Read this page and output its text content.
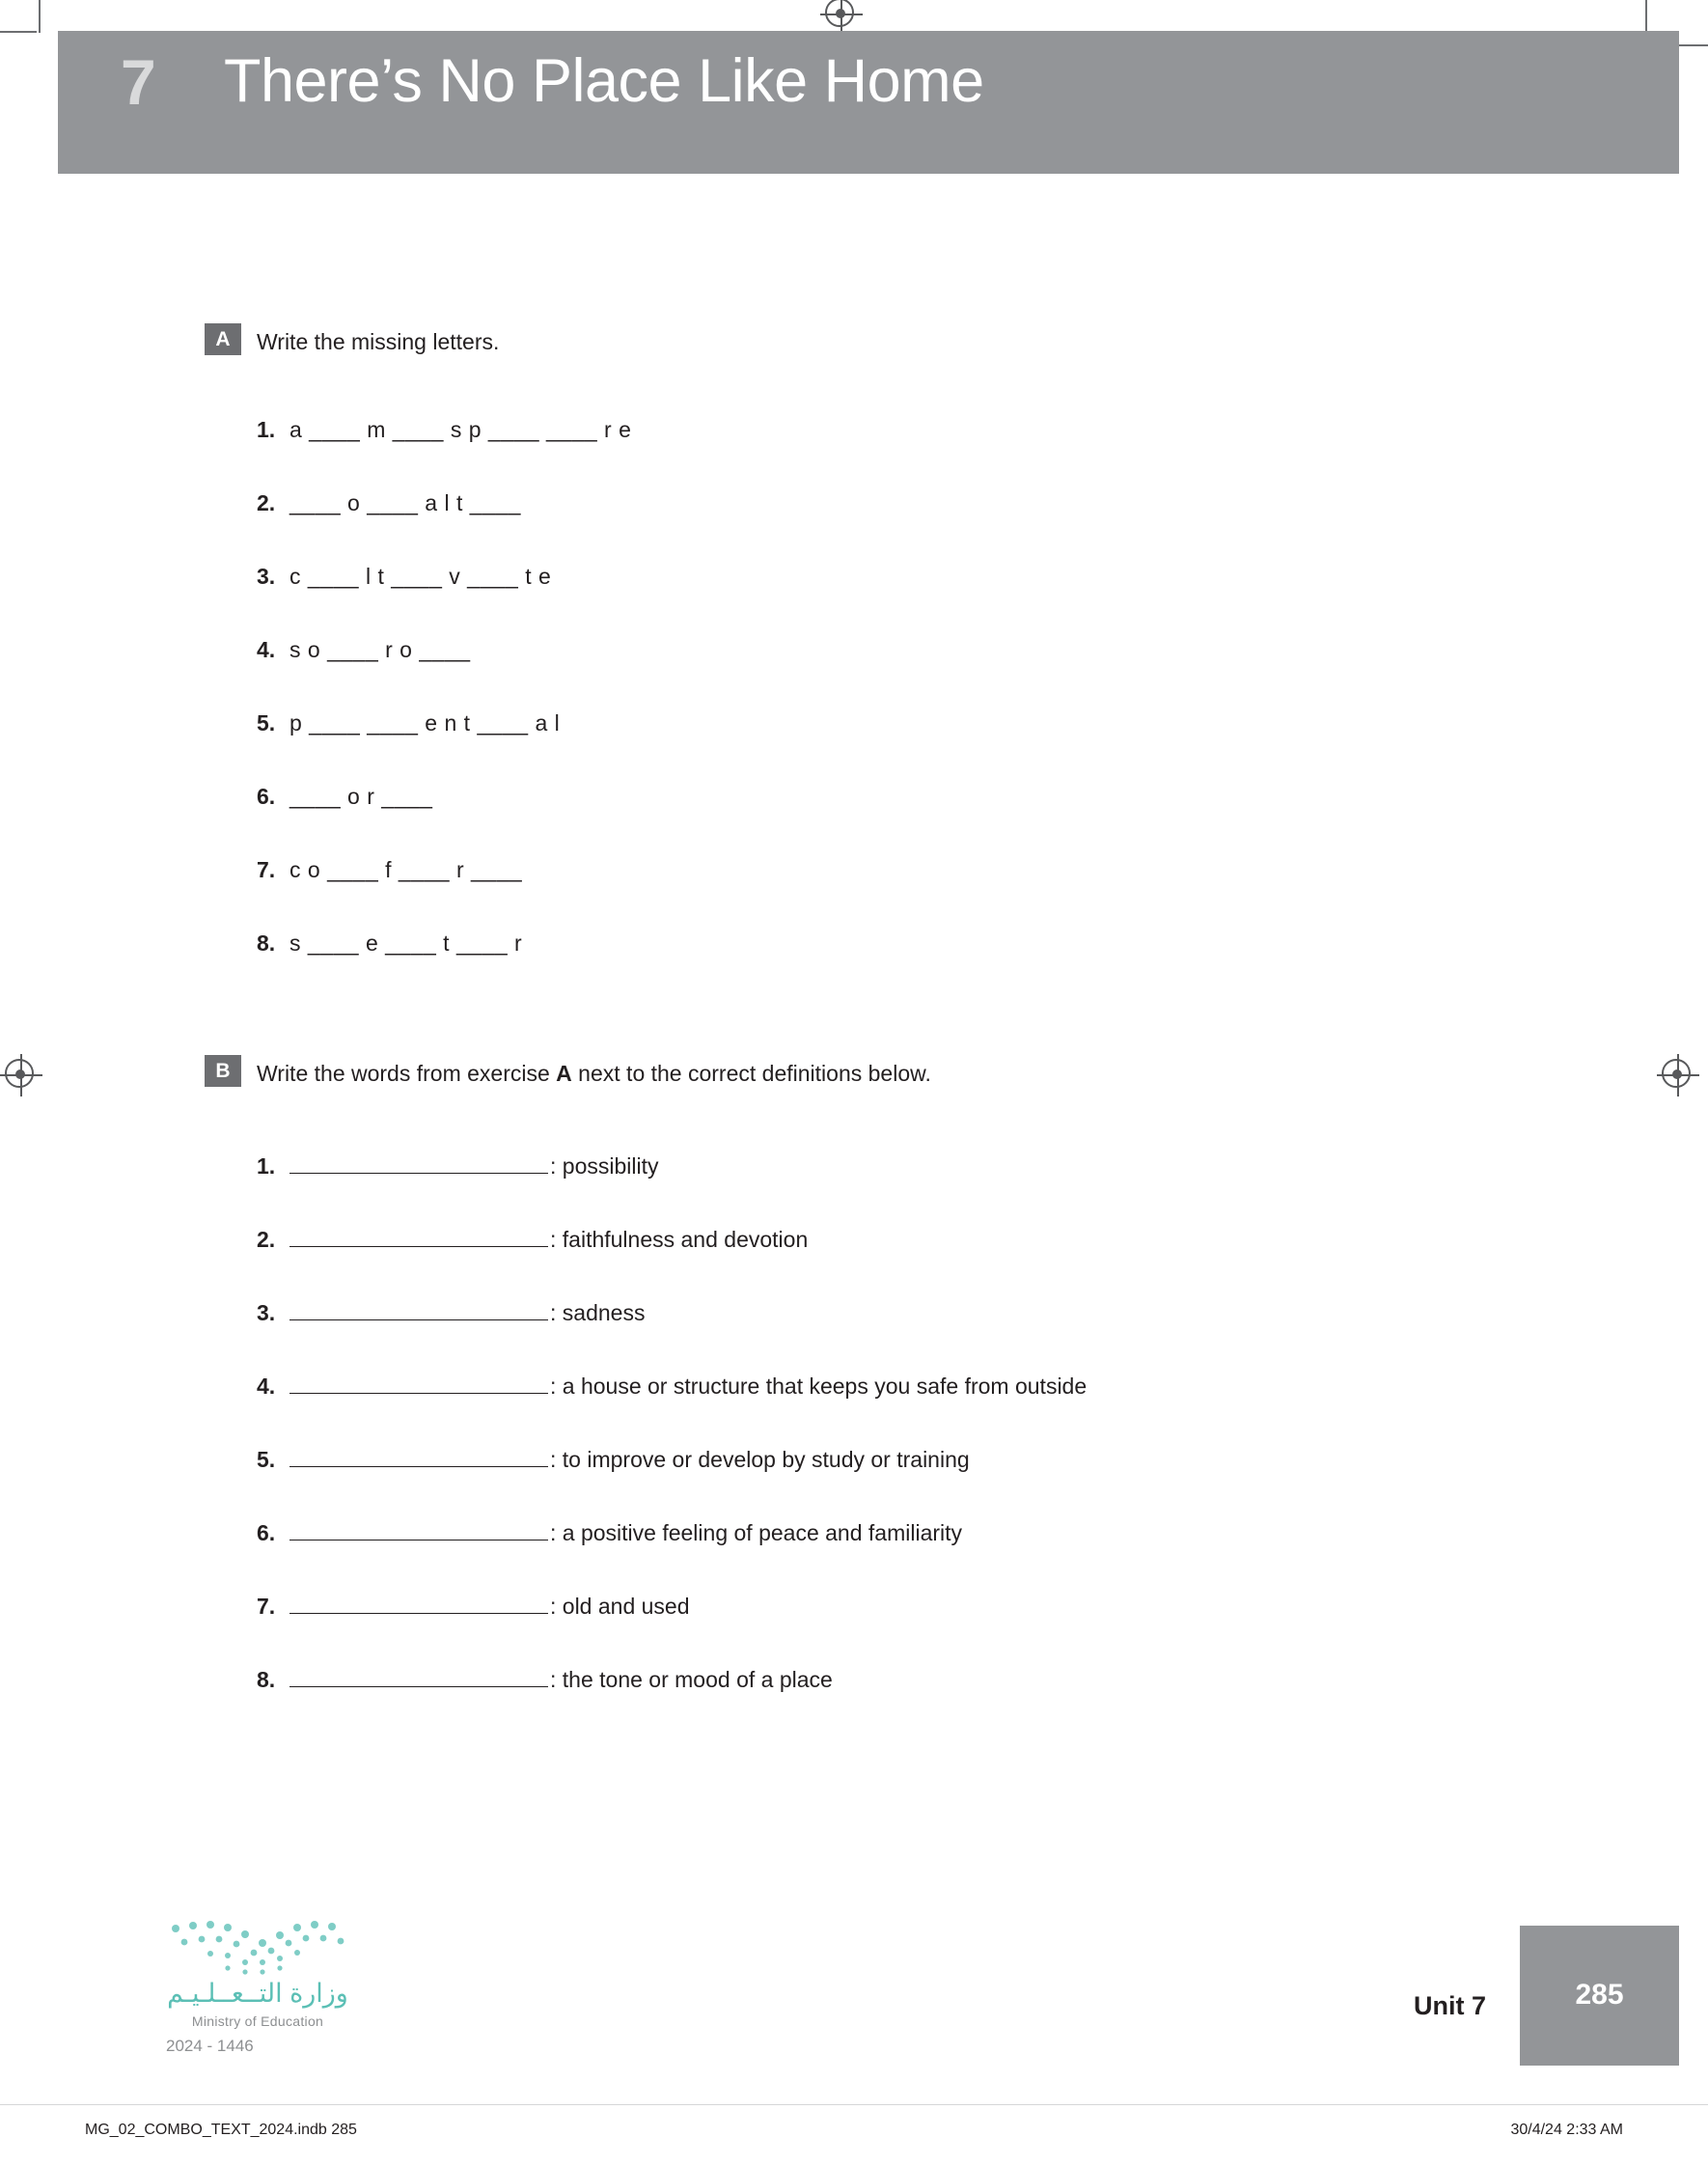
7 There’s No Place Like Home
A	Write the missing letters.
1. a ____ m ____ s p ____ ____ r e
2. ____ o ____ a l t ____
3. c ____ l t ____ v ____ t e
4. s o ____ r o ____
5. p ____ ____ e n t ____ a l
6. ____ o r ____
7. c o ____ f ____ r ____
8. s ____ e ____ t ____ r
B	Write the words from exercise A next to the correct definitions below.
1.	: possibility
2.	: faithfulness and devotion
3.	: sadness
4.	: a house or structure that keeps you safe from outside
5.	: to improve or develop by study or training
6.	: a positive feeling of peace and familiarity
7.	: old and used
8.	: the tone or mood of a place
وزارة التــعــلـيـم
Ministry of Education
2024 - 1446
Unit 7	285
MG_02_COMBO_TEXT_2024.indb 285	30/4/24 2:33 AM
